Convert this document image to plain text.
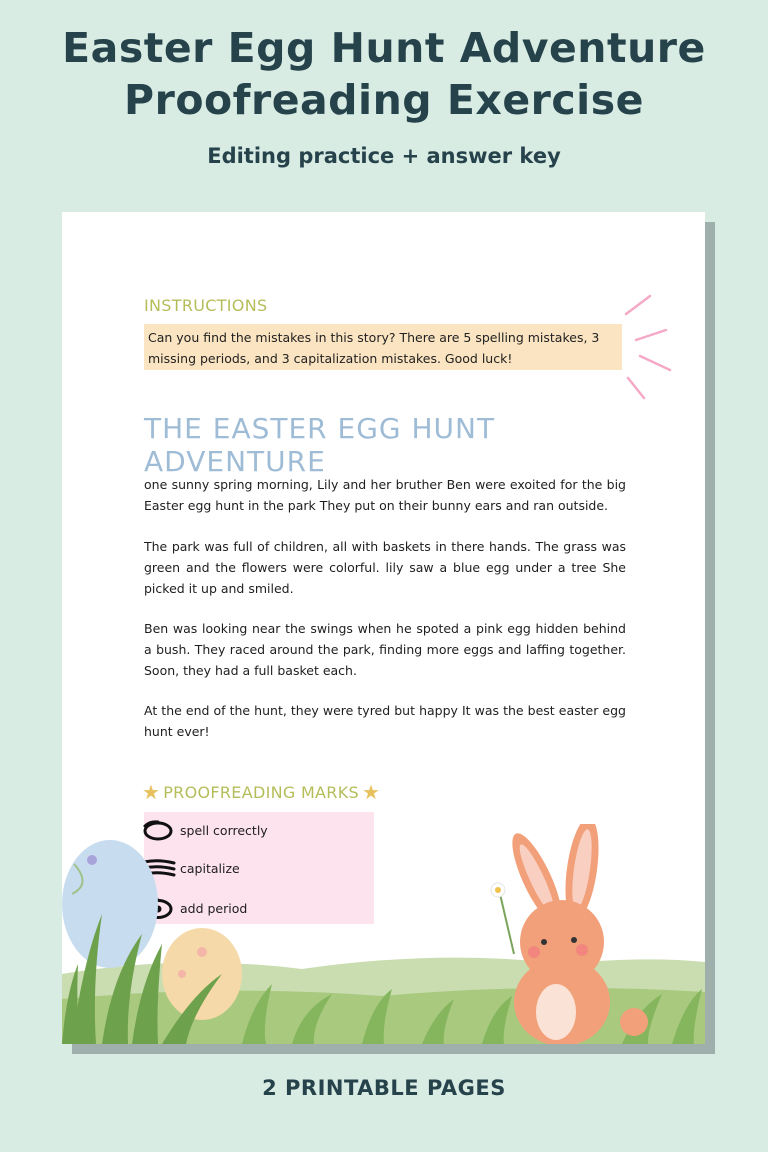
Easter Egg Hunt Adventure
Proofreading Exercise
Editing practice + answer key
INSTRUCTIONS
Can you find the mistakes in this story? There are 5 spelling mistakes, 3 missing periods, and 3 capitalization mistakes. Good luck!
THE EASTER EGG HUNT ADVENTURE

one sunny spring morning, Lily and her bruther Ben were exoited for the big Easter egg hunt in the park They put on their bunny ears and ran outside.

The park was full of children, all with baskets in there hands. The grass was green and the flowers were colorful. lily saw a blue egg under a tree She picked it up and smiled.

Ben was looking near the swings when he spoted a pink egg hidden behind a bush. They raced around the park, finding more eggs and laffing together. Soon, they had a full basket each.

At the end of the hunt, they were tyred but happy It was the best easter egg hunt ever!

★ PROOFREADING MARKS ★
spell correctly
capitalize
add period
2 PRINTABLE PAGES
